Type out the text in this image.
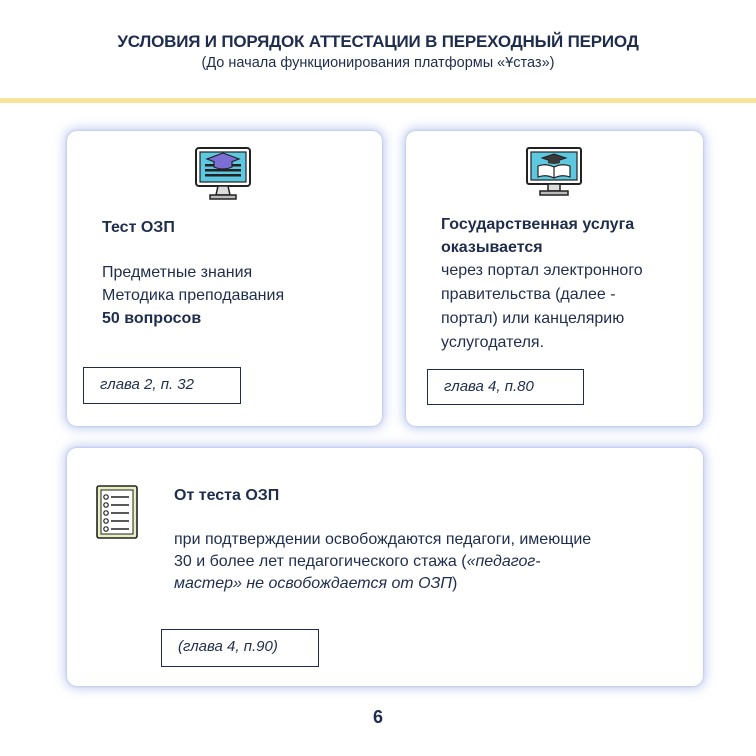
УСЛОВИЯ И ПОРЯДОК АТТЕСТАЦИИ В ПЕРЕХОДНЫЙ ПЕРИОД
(До начала функционирования платформы «Ұстаз»)
Тест ОЗП
Предметные знания
Методика преподавания
50 вопросов
глава 2, п. 32
Государственная услуга
оказывается
через портал электронного
правительства (далее -
портал) или канцелярию
услугодателя.
глава 4, п.80
От теста ОЗП
при подтверждении освобождаются педагоги, имеющие
30 и более лет педагогического стажа («педагог-
мастер» не освобождается от ОЗП)
(глава 4, п.90)
6
